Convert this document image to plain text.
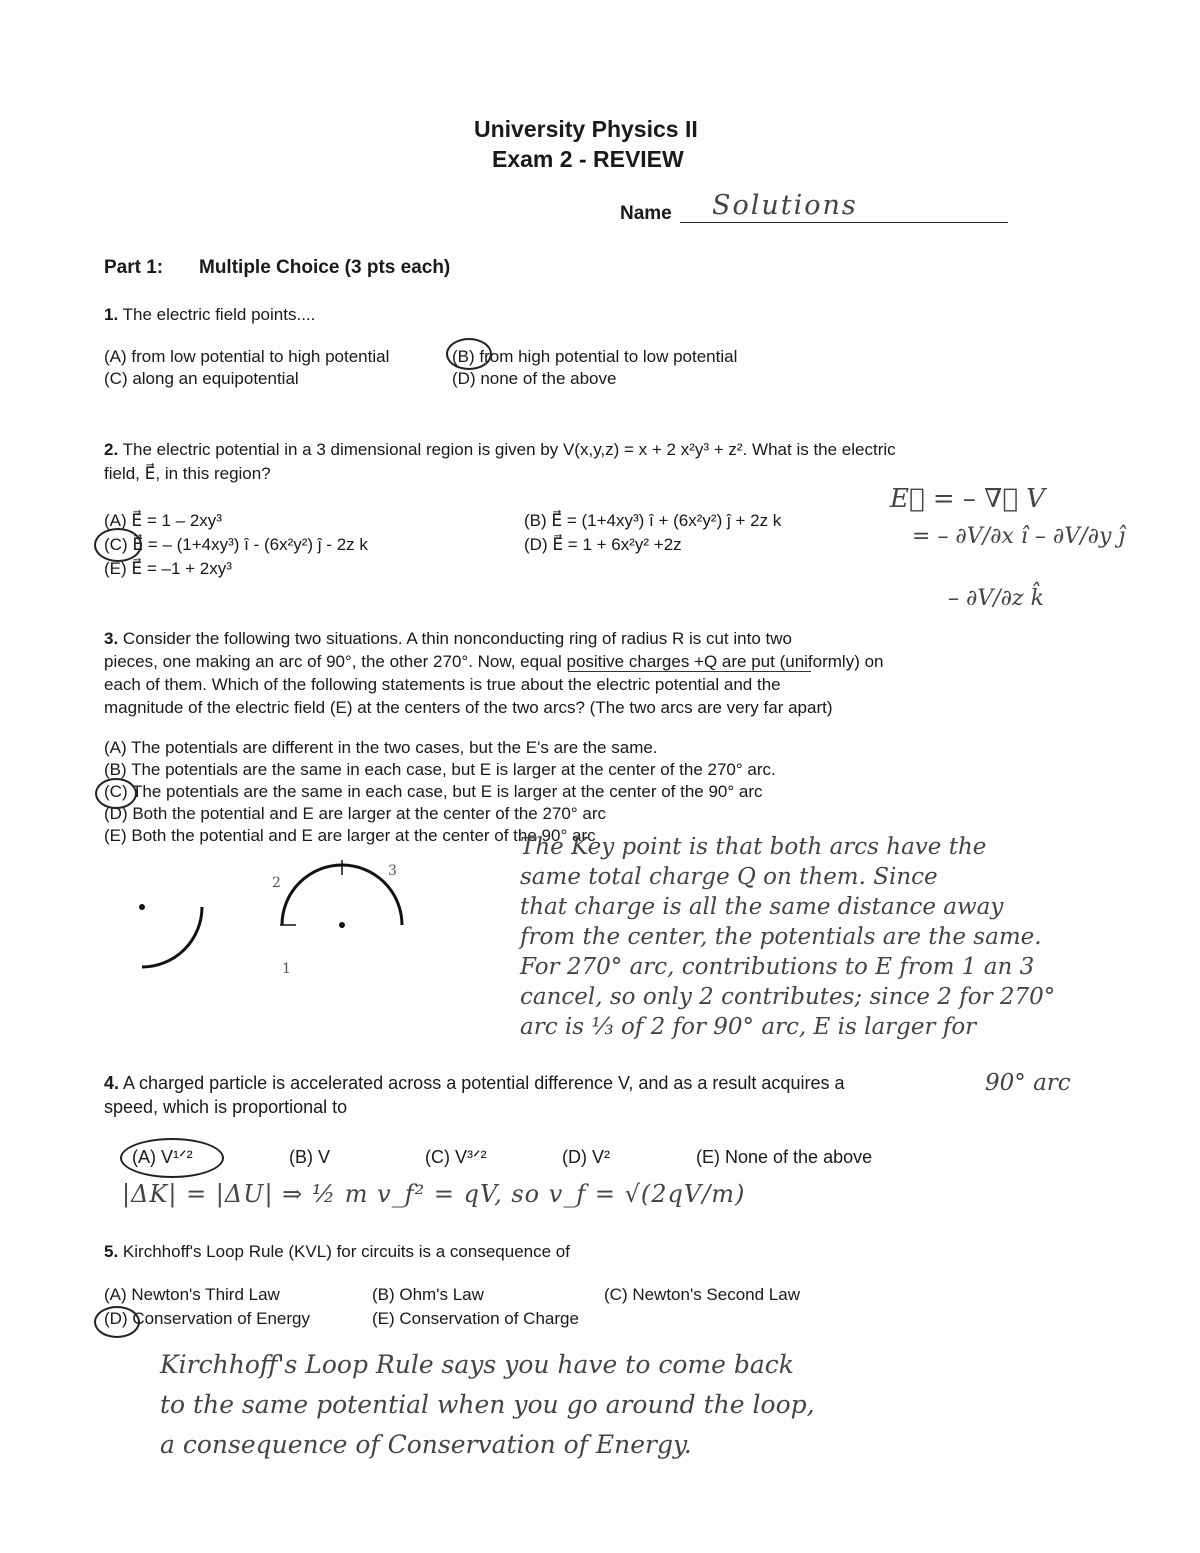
University Physics II
Exam 2 - REVIEW
Name Solutions
Part 1: Multiple Choice (3 pts each)
1. The electric field points....
(A) from low potential to high potential	(B) from high potential to low potential
(C) along an equipotential	(D) none of the above
2. The electric potential in a 3 dimensional region is given by V(x,y,z) = x + 2 x²y³ + z². What is the electric
field, E⃗, in this region?
(A) E⃗ = 1 – 2xy³	(B) E⃗ = (1+4xy³) î + (6x²y²) ĵ + 2z k
(C) E⃗ = – (1+4xy³) î - (6x²y²) ĵ - 2z k	(D) E⃗ = 1 + 6x²y² +2z
(E) E⃗ = –1 + 2xy³
E⃗ = – ∇⃗ V
= – ∂V/∂x î – ∂V/∂y ĵ
– ∂V/∂z k̂
3. Consider the following two situations. A thin nonconducting ring of radius R is cut into two
pieces, one making an arc of 90°, the other 270°. Now, equal positive charges +Q are put (uniformly) on
each of them. Which of the following statements is true about the electric potential and the
magnitude of the electric field (E) at the centers of the two arcs? (The two arcs are very far apart)
(A) The potentials are different in the two cases, but the E's are the same.
(B) The potentials are the same in each case, but E is larger at the center of the 270° arc.
(C) The potentials are the same in each case, but E is larger at the center of the 90° arc
(D) Both the potential and E are larger at the center of the 270° arc
(E) Both the potential and E are larger at the center of the 90° arc
1
2
3
The Key point is that both arcs have the
same total charge Q on them. Since
that charge is all the same distance away
from the center, the potentials are the same.
For 270° arc, contributions to E from 1 an 3
cancel, so only 2 contributes; since 2 for 270°
arc is ⅓ of 2 for 90° arc, E is larger for
90° arc
4. A charged particle is accelerated across a potential difference V, and as a result acquires a
speed, which is proportional to
(A) V¹ᐟ²	(B) V	(C) V³ᐟ²	(D) V²	(E) None of the above
|ΔK| = |ΔU| ⇒ ½ m v_f² = qV, so v_f = √(2qV/m)
5. Kirchhoff's Loop Rule (KVL) for circuits is a consequence of
(A) Newton's Third Law	(B) Ohm's Law	(C) Newton's Second Law
(D) Conservation of Energy	(E) Conservation of Charge
Kirchhoff's Loop Rule says you have to come back
to the same potential when you go around the loop,
a consequence of Conservation of Energy.
